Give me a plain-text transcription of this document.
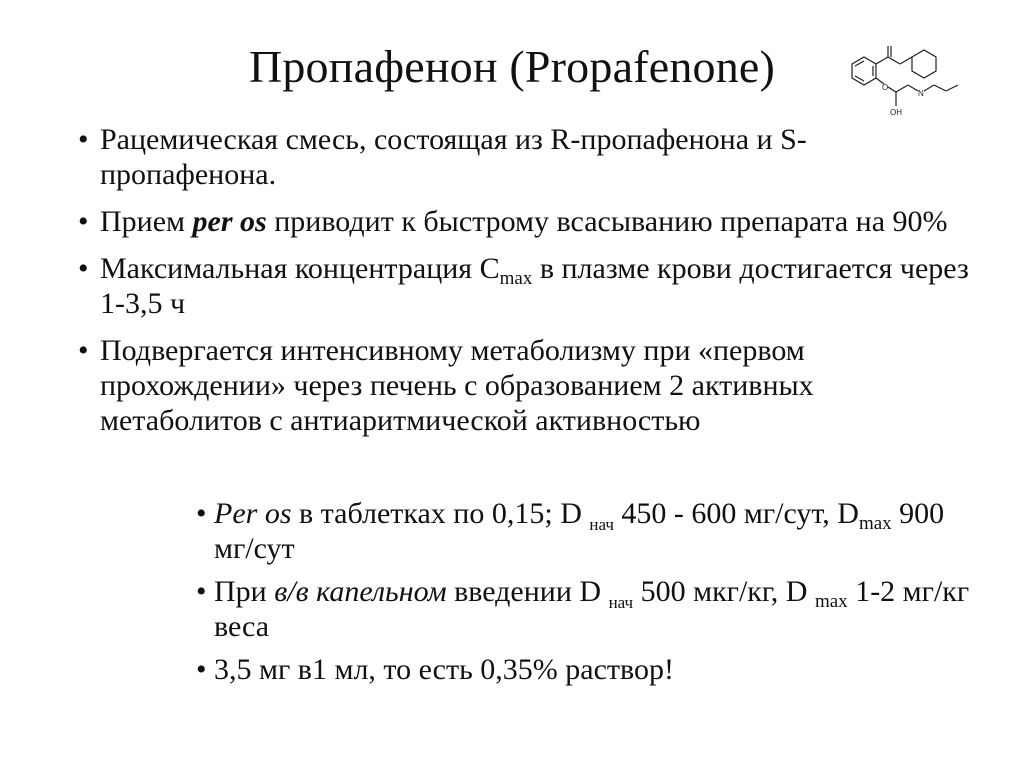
Пропафенон (Propafenone)	O
N
OH
• Рацемическая смесь, состоящая из R-пропафенона и S-пропафенона.
• Прием per os приводит к быстрому всасыванию препарата на 90%
• Максимальная концентрация $C_{max}$ в плазме крови достигается через 1-3,5 ч
• Подвергается интенсивному метаболизму при «первом прохождении» через печень с образованием 2 активных метаболитов с антиаритмической активностью
• Per os в таблетках по 0,15; D $_{нач}$ 450 - 600 мг/сут, $D_{max}$ 900 мг/сут
• При в/в капельном введении D $_{нач}$ 500 мкг/кг, D $_{max}$ 1-2 мг/кг веса
• 3,5 мг в1 мл, то есть 0,35% раствор!
